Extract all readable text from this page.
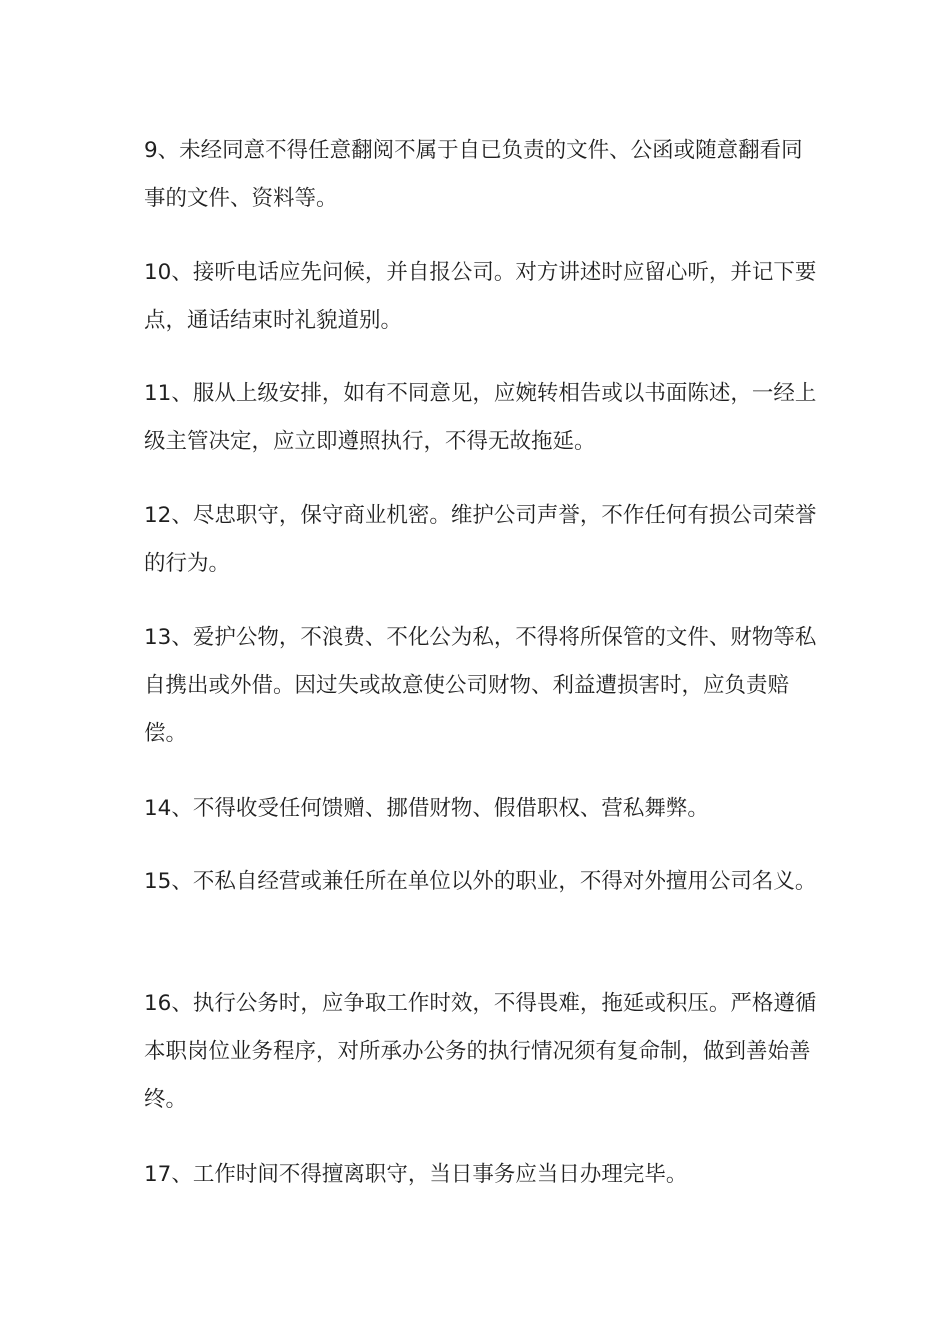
9、未经同意不得任意翻阅不属于自已负责的文件、公函或随意翻看同事的文件、资料等。

10、接听电话应先问候，并自报公司。对方讲述时应留心听，并记下要点，通话结束时礼貌道别。

11、服从上级安排，如有不同意见，应婉转相告或以书面陈述，一经上级主管决定，应立即遵照执行，不得无故拖延。

12、尽忠职守，保守商业机密。维护公司声誉，不作任何有损公司荣誉的行为。

13、爱护公物，不浪费、不化公为私，不得将所保管的文件、财物等私自携出或外借。因过失或故意使公司财物、利益遭损害时，应负责赔偿。

14、不得收受任何馈赠、挪借财物、假借职权、营私舞弊。

15、不私自经营或兼任所在单位以外的职业，不得对外擅用公司名义。

16、执行公务时，应争取工作时效，不得畏难，拖延或积压。严格遵循本职岗位业务程序，对所承办公务的执行情况须有复命制，做到善始善终。

17、工作时间不得擅离职守，当日事务应当日办理完毕。
